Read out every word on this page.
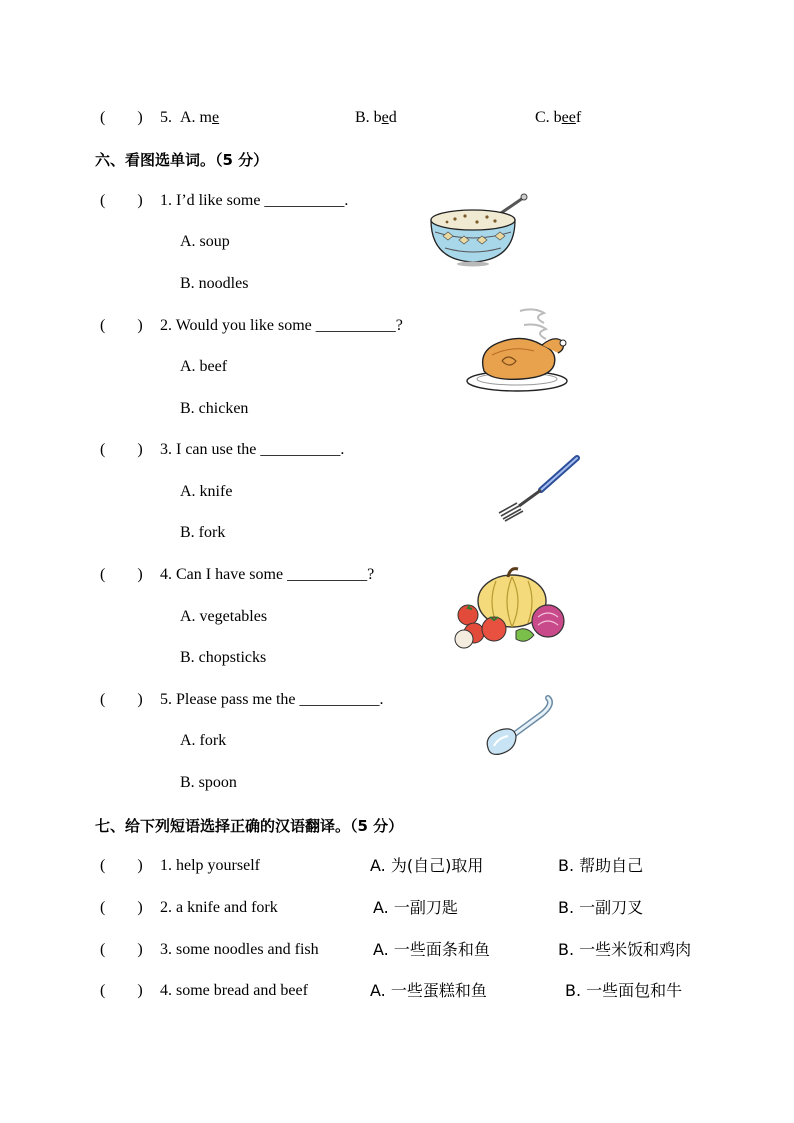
(　　) 5. A. me	B. bed	C. beef
六、看图选单词。（5 分）
(　　) 1. I’d like some __________.
A. soup
B. noodles
(　　) 2. Would you like some __________?
A. beef
B. chicken
(　　) 3. I can use the __________.
A. knife
B. fork
(　　) 4. Can I have some __________?
A. vegetables
B. chopsticks
(　　) 5. Please pass me the __________.
A. fork
B. spoon
七、给下列短语选择正确的汉语翻译。（5 分）
(　　) 1. help yourself	A. 为(自己)取用	B. 帮助自己
(　　) 2. a knife and fork	A. 一副刀匙	B. 一副刀叉
(　　) 3. some noodles and fish	A. 一些面条和鱼	B. 一些米饭和鸡肉
(　　) 4. some bread and beef	A. 一些蛋糕和鱼	B. 一些面包和牛
